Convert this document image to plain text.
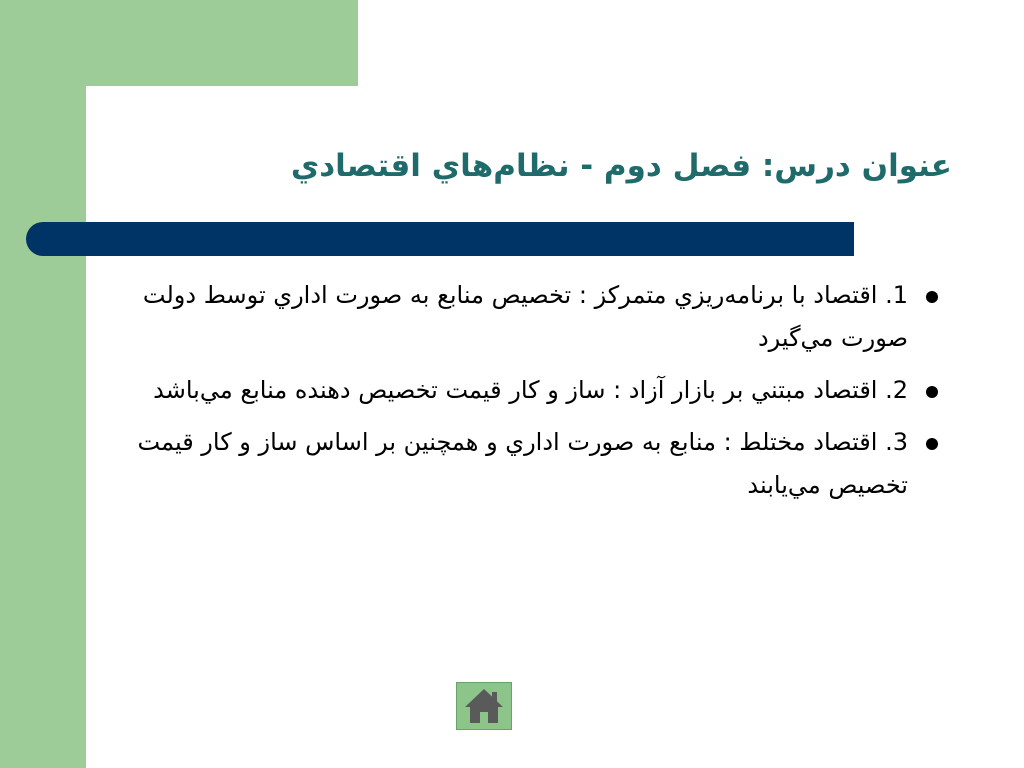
عنوان درس: فصل دوم - نظام‌هاي اقتصادي
1. اقتصاد با برنامه‌ريزي متمركز : تخصيص منابع به صورت اداري توسط دولت صورت مي‌گيرد
2. اقتصاد مبتني بر بازار آزاد : ساز و كار قيمت تخصيص دهنده منابع مي‌باشد
3. اقتصاد مختلط : منابع به صورت اداري و همچنين بر اساس ساز و كار قيمت تخصيص مي‌يابند
